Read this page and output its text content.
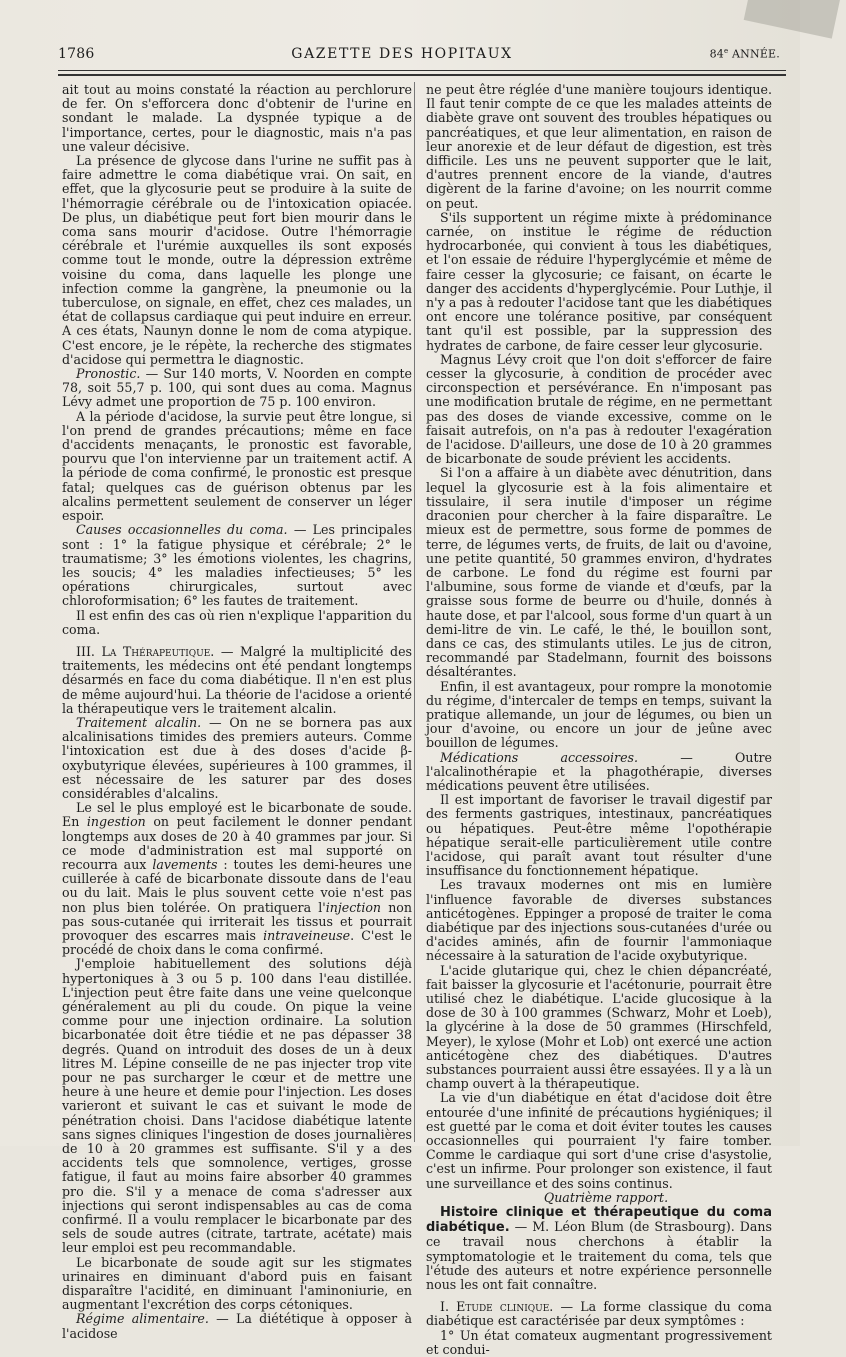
1786	GAZETTE DES HOPITAUX	84e ANNÉE.

ait tout au moins constaté la réaction au perchlorure de fer. On s'efforcera donc d'obtenir de l'urine en sondant le malade. La dyspnée typique a de l'importance, certes, pour le diagnostic, mais n'a pas une valeur décisive.

La présence de glycose dans l'urine ne suffit pas à faire admettre le coma diabétique vrai. On sait, en effet, que la glycosurie peut se produire à la suite de l'hémorragie cérébrale ou de l'intoxication opiacée. De plus, un diabétique peut fort bien mourir dans le coma sans mourir d'acidose. Outre l'hémorragie cérébrale et l'urémie auxquelles ils sont exposés comme tout le monde, outre la dépression extrême voisine du coma, dans laquelle les plonge une infection comme la gangrène, la pneumonie ou la tuberculose, on signale, en effet, chez ces malades, un état de collapsus cardiaque qui peut induire en erreur. A ces états, Naunyn donne le nom de coma atypique. C'est encore, je le répète, la recherche des stigmates d'acidose qui permettra le diagnostic.

Pronostic. — Sur 140 morts, V. Noorden en compte 78, soit 55,7 p. 100, qui sont dues au coma. Magnus Lévy admet une proportion de 75 p. 100 environ.

A la période d'acidose, la survie peut être longue, si l'on prend de grandes précautions; même en face d'accidents menaçants, le pronostic est favorable, pourvu que l'on intervienne par un traitement actif. A la période de coma confirmé, le pronostic est presque fatal; quelques cas de guérison obtenus par les alcalins permettent seulement de conserver un léger espoir.

Causes occasionnelles du coma. — Les principales sont : 1° la fatigue physique et cérébrale; 2° le traumatisme; 3° les émotions violentes, les chagrins, les soucis; 4° les maladies infectieuses; 5° les opérations chirurgicales, surtout avec chloroformisation; 6° les fautes de traitement.

Il est enfin des cas où rien n'explique l'apparition du coma.

III. La Thérapeutique. — Malgré la multiplicité des traitements, les médecins ont été pendant longtemps désarmés en face du coma diabétique. Il n'en est plus de même aujourd'hui. La théorie de l'acidose a orienté la thérapeutique vers le traitement alcalin.

Traitement alcalin. — On ne se bornera pas aux alcalinisations timides des premiers auteurs. Comme l'intoxication est due à des doses d'acide β-oxybutyrique élevées, supérieures à 100 grammes, il est nécessaire de les saturer par des doses considérables d'alcalins.

Le sel le plus employé est le bicarbonate de soude. En ingestion on peut facilement le donner pendant longtemps aux doses de 20 à 40 grammes par jour. Si ce mode d'administration est mal supporté on recourra aux lavements : toutes les demi-heures une cuillerée à café de bicarbonate dissoute dans de l'eau ou du lait. Mais le plus souvent cette voie n'est pas non plus bien tolérée. On pratiquera l'injection non pas sous-cutanée qui irriterait les tissus et pourrait provoquer des escarres mais intraveineuse. C'est le procédé de choix dans le coma confirmé.

J'emploie habituellement des solutions déjà hypertoniques à 3 ou 5 p. 100 dans l'eau distillée. L'injection peut être faite dans une veine quelconque généralement au pli du coude. On pique la veine comme pour une injection ordinaire. La solution bicarbonatée doit être tiédie et ne pas dépasser 38 degrés. Quand on introduit des doses de un à deux litres M. Lépine conseille de ne pas injecter trop vite pour ne pas surcharger le cœur et de mettre une heure à une heure et demie pour l'injection. Les doses varieront et suivant le cas et suivant le mode de pénétration choisi. Dans l'acidose diabétique latente sans signes cliniques l'ingestion de doses journalières de 10 à 20 grammes est suffisante. S'il y a des accidents tels que somnolence, vertiges, grosse fatigue, il faut au moins faire absorber 40 grammes pro die. S'il y a menace de coma s'adresser aux injections qui seront indispensables au cas de coma confirmé. Il a voulu remplacer le bicarbonate par des sels de soude autres (citrate, tartrate, acétate) mais leur emploi est peu recommandable.

Le bicarbonate de soude agit sur les stigmates urinaires en diminuant d'abord puis en faisant disparaître l'acidité, en diminuant l'aminoniurie, en augmentant l'excrétion des corps cétoniques.

Régime alimentaire. — La diététique à opposer à l'acidose

ne peut être réglée d'une manière toujours identique. Il faut tenir compte de ce que les malades atteints de diabète grave ont souvent des troubles hépatiques ou pancréatiques, et que leur alimentation, en raison de leur anorexie et de leur défaut de digestion, est très difficile. Les uns ne peuvent supporter que le lait, d'autres prennent encore de la viande, d'autres digèrent de la farine d'avoine; on les nourrit comme on peut.

S'ils supportent un régime mixte à prédominance carnée, on institue le régime de réduction hydrocarbonée, qui convient à tous les diabétiques, et l'on essaie de réduire l'hyperglycémie et même de faire cesser la glycosurie; ce faisant, on écarte le danger des accidents d'hyperglycémie. Pour Luthje, il n'y a pas à redouter l'acidose tant que les diabétiques ont encore une tolérance positive, par conséquent tant qu'il est possible, par la suppression des hydrates de carbone, de faire cesser leur glycosurie.

Magnus Lévy croit que l'on doit s'efforcer de faire cesser la glycosurie, à condition de procéder avec circonspection et persévérance. En n'imposant pas une modification brutale de régime, en ne permettant pas des doses de viande excessive, comme on le faisait autrefois, on n'a pas à redouter l'exagération de l'acidose. D'ailleurs, une dose de 10 à 20 grammes de bicarbonate de soude prévient les accidents.

Si l'on a affaire à un diabète avec dénutrition, dans lequel la glycosurie est à la fois alimentaire et tissulaire, il sera inutile d'imposer un régime draconien pour chercher à la faire disparaître. Le mieux est de permettre, sous forme de pommes de terre, de légumes verts, de fruits, de lait ou d'avoine, une petite quantité, 50 grammes environ, d'hydrates de carbone. Le fond du régime est fourni par l'albumine, sous forme de viande et d'œufs, par la graisse sous forme de beurre ou d'huile, donnés à haute dose, et par l'alcool, sous forme d'un quart à un demi-litre de vin. Le café, le thé, le bouillon sont, dans ce cas, des stimulants utiles. Le jus de citron, recommandé par Stadelmann, fournit des boissons désaltérantes.

Enfin, il est avantageux, pour rompre la monotomie du régime, d'intercaler de temps en temps, suivant la pratique allemande, un jour de légumes, ou bien un jour d'avoine, ou encore un jour de jeûne avec bouillon de légumes.

Médications accessoires.	— Outre l'alcalinothérapie et la phagothérapie, diverses médications peuvent être utilisées.

Il est important de favoriser le travail digestif par des ferments gastriques, intestinaux, pancréatiques ou hépatiques. Peut-être même l'opothérapie hépatique serait-elle particulièrement utile contre l'acidose, qui paraît avant tout résulter d'une insuffisance du fonctionnement hépatique.

Les travaux modernes ont mis en lumière l'influence favorable de diverses substances anticétogènes. Eppinger a proposé de traiter le coma diabétique par des injections sous-cutanées d'urée ou d'acides aminés, afin de fournir l'ammoniaque nécessaire à la saturation de l'acide oxybutyrique.

L'acide glutarique qui, chez le chien dépancréaté, fait baisser la glycosurie et l'acétonurie, pourrait être utilisé chez le diabétique. L'acide glucosique à la dose de 30 à 100 grammes (Schwarz, Mohr et Loeb), la glycérine à la dose de 50 grammes (Hirschfeld, Meyer), le xylose (Mohr et Lob) ont exercé une action anticétogène chez des diabétiques. D'autres substances pourraient aussi être essayées. Il y a là un champ ouvert à la thérapeutique.

La vie d'un diabétique en état d'acidose doit être entourée d'une infinité de précautions hygiéniques; il est guetté par le coma et doit éviter toutes les causes occasionnelles qui pourraient l'y faire tomber. Comme le cardiaque qui sort d'une crise d'asystolie, c'est un infirme. Pour prolonger son existence, il faut une surveillance et des soins continus.

Quatrième rapport.

Histoire clinique et thérapeutique du coma diabétique. — M. Léon Blum (de Strasbourg). Dans ce travail nous cherchons à établir la symptomatologie et le traitement du coma, tels que l'étude des auteurs et notre expérience personnelle nous les ont fait connaître.

I. Etude clinique. — La forme classique du coma diabétique est caractérisée par deux symptômes :

1° Un état comateux augmentant progressivement et condui-
